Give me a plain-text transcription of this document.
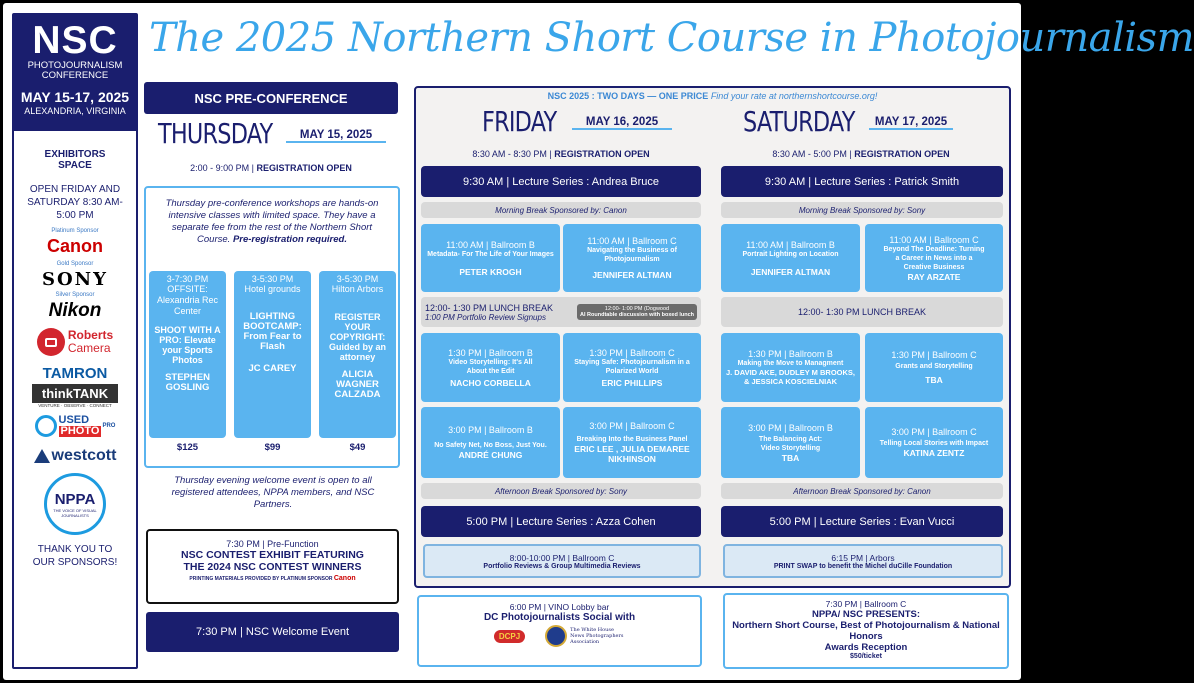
NSC
PHOTOJOURNALISM CONFERENCE
MAY 15-17, 2025
ALEXANDRIA, VIRGINIA
EXHIBITORS SPACE
OPEN FRIDAY AND SATURDAY 8:30 AM-5:00 PM
Platinum Sponsor
Canon
Gold Sponsor
SONY
Silver Sponsor
Nikon
Roberts
Camera
TAMRON
thinkTANK
VENTURE · OBSERVE · CONNECT
USED
PHOTO PRO
westcott
NPPA
THE VOICE OF VISUAL JOURNALISTS
THANK YOU TO OUR SPONSORS!
The 2025 Northern Short Course in Photojournalism
NSC PRE-CONFERENCE
THURSDAY	MAY 15, 2025
2:00 - 9:00 PM | REGISTRATION OPEN
Thursday pre-conference workshops are hands-on intensive classes with limited space. They have a separate fee from the rest of the Northern Short Course. Pre-registration required.
3-7:30 PM
OFFSITE: Alexandria Rec Center
SHOOT WITH A PRO: Elevate your Sports Photos
STEPHEN GOSLING
3-5:30 PM
Hotel grounds
LIGHTING BOOTCAMP: From Fear to Flash
JC CAREY
3-5:30 PM
Hilton Arbors
REGISTER YOUR COPYRIGHT: Guided by an attorney
ALICIA WAGNER CALZADA
$125	$99	$49
Thursday evening welcome event is open to all registered attendees, NPPA members, and NSC Partners.
7:30 PM | Pre-Function
NSC CONTEST EXHIBIT FEATURING THE 2024 NSC CONTEST WINNERS
PRINTING MATERIALS PROVIDED BY PLATINUM SPONSOR Canon
7:30 PM | NSC Welcome Event
NSC 2025 : TWO DAYS — ONE PRICE Find your rate at northernshortcourse.org!
FRIDAY	MAY 16, 2025
8:30 AM - 8:30 PM | REGISTRATION OPEN
9:30 AM | Lecture Series : Andrea Bruce
Morning Break Sponsored by: Canon
11:00 AM | Ballroom B
Metadata- For The Life of Your Images
PETER KROGH
11:00 AM | Ballroom C
Navigating the Business of Photojournalism
JENNIFER ALTMAN
12:00- 1:30 PM LUNCH BREAK
1:00 PM Portfolio Review Signups
12:00- 1:00 PM (Dogwood
AI Roundtable discussion with boxed lunch
1:30 PM | Ballroom B
Video Storytelling: It's All About the Edit
NACHO CORBELLA
1:30 PM | Ballroom C
Staying Safe: Photojournalism in a Polarized World
ERIC PHILLIPS
3:00 PM | Ballroom B
No Safety Net, No Boss, Just You.
ANDRÉ CHUNG
3:00 PM | Ballroom C
Breaking Into the Business Panel
ERIC LEE , JULIA DEMAREE NIKHINSON
Afternoon Break Sponsored by: Sony
5:00 PM | Lecture Series : Azza Cohen
8:00-10:00 PM | Ballroom C
Portfolio Reviews & Group Multimedia Reviews
SATURDAY	MAY 17, 2025
8:30 AM - 5:00 PM | REGISTRATION OPEN
9:30 AM | Lecture Series : Patrick Smith
Morning Break Sponsored by: Sony
11:00 AM | Ballroom B
Portrait Lighting on Location
JENNIFER ALTMAN
11:00 AM | Ballroom C
Beyond The Deadline: Turning a Career in News into a Creative Business
RAY ARZATE
12:00- 1:30 PM LUNCH BREAK
1:30 PM | Ballroom B
Making the Move to Managment
J. DAVID AKE, DUDLEY M BROOKS, & JESSICA KOSCIELNIAK
1:30 PM | Ballroom C
Grants and Storytelling
TBA
3:00 PM | Ballroom B
The Balancing Act: Video Storytelling
TBA
3:00 PM | Ballroom C
Telling Local Stories with Impact
KATINA ZENTZ
Afternoon Break Sponsored by: Canon
5:00 PM | Lecture Series : Evan Vucci
6:15 PM | Arbors
PRINT SWAP to benefit the Michel duCille Foundation
6:00 PM | VINO Lobby bar
DC Photojournalists Social with
DCPJ
The White House News Photographers Association
7:30 PM | Ballroom C
NPPA/ NSC PRESENTS:
Northern Short Course, Best of Photojournalism & National Honors
Awards Reception
$50/ticket
